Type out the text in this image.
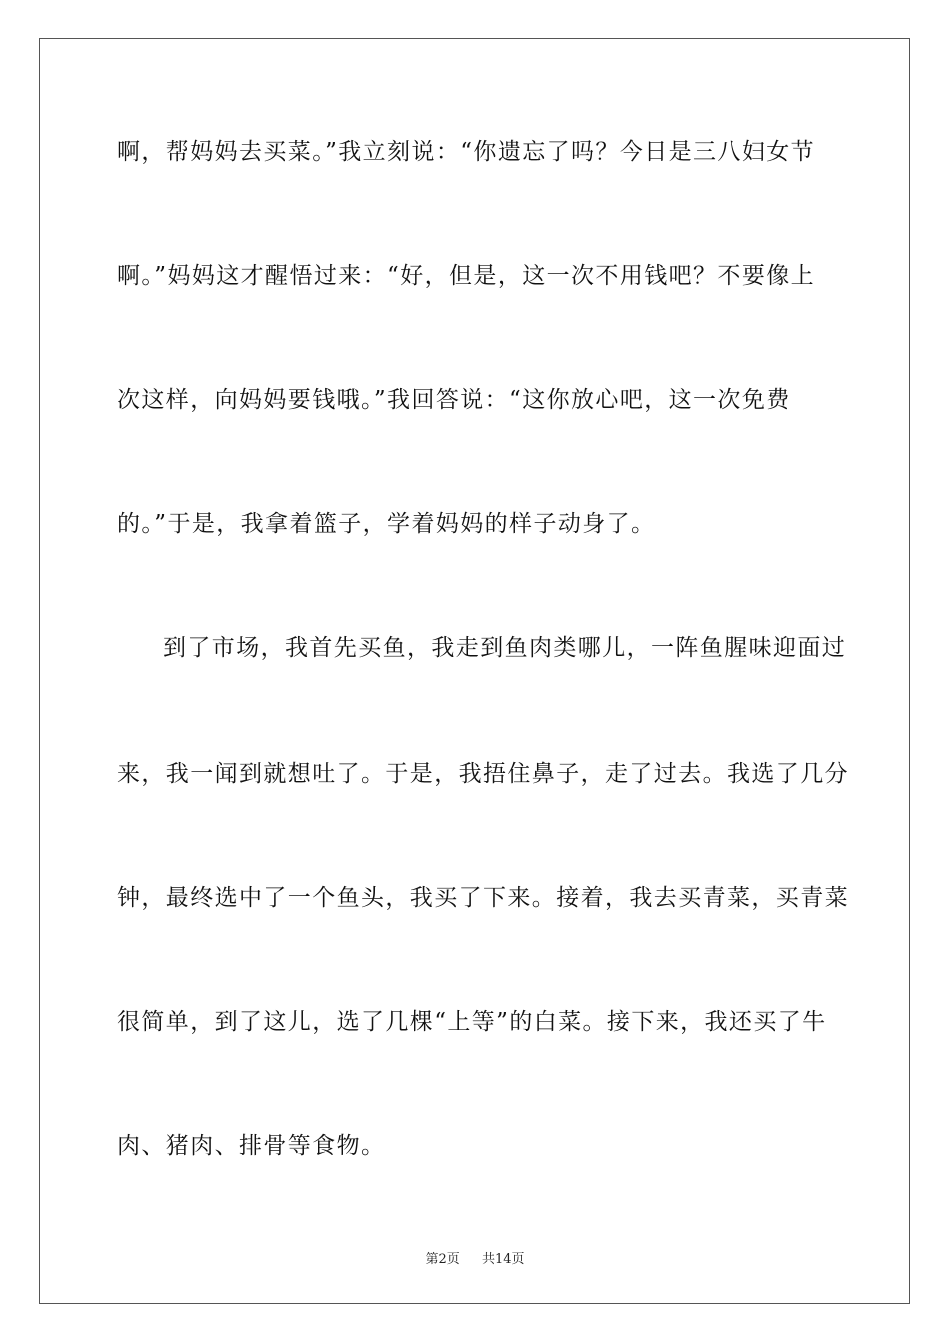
啊，帮妈妈去买菜。”我立刻说：“你遗忘了吗？今日是三八妇女节
啊。”妈妈这才醒悟过来：“好，但是，这一次不用钱吧？不要像上
次这样，向妈妈要钱哦。”我回答说：“这你放心吧，这一次免费
的。”于是，我拿着篮子，学着妈妈的样子动身了。
到了市场，我首先买鱼，我走到鱼肉类哪儿，一阵鱼腥味迎面过
来，我一闻到就想吐了。于是，我捂住鼻子，走了过去。我选了几分
钟，最终选中了一个鱼头，我买了下来。接着，我去买青菜，买青菜
很简单，到了这儿，选了几棵“上等”的白菜。接下来，我还买了牛
肉、猪肉、排骨等食物。
第2页 共14页
